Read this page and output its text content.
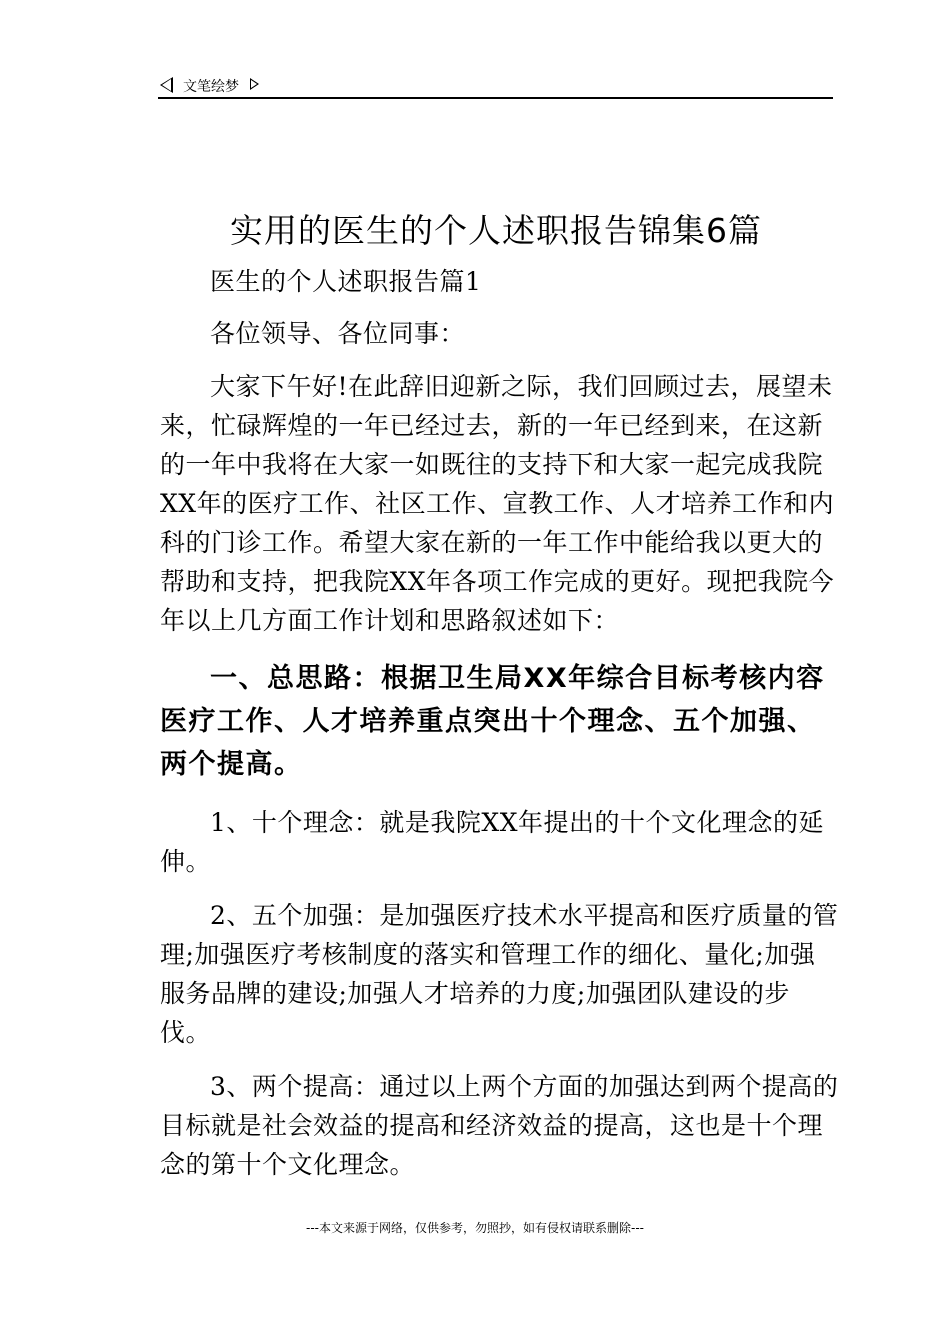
文笔绘梦
实用的医生的个人述职报告锦集6篇

医生的个人述职报告篇1

各位领导、各位同事：

大家下午好!在此辞旧迎新之际，我们回顾过去，展望未来，忙碌辉煌的一年已经过去，新的一年已经到来，在这新的一年中我将在大家一如既往的支持下和大家一起完成我院XX年的医疗工作、社区工作、宣教工作、人才培养工作和内科的门诊工作。希望大家在新的一年工作中能给我以更大的帮助和支持，把我院XX年各项工作完成的更好。现把我院今年以上几方面工作计划和思路叙述如下：

一、总思路：根据卫生局XX年综合目标考核内容医疗工作、人才培养重点突出十个理念、五个加强、两个提高。

1、十个理念：就是我院XX年提出的十个文化理念的延伸。

2、五个加强：是加强医疗技术水平提高和医疗质量的管理;加强医疗考核制度的落实和管理工作的细化、量化;加强服务品牌的建设;加强人才培养的力度;加强团队建设的步伐。

3、两个提高：通过以上两个方面的加强达到两个提高的目标就是社会效益的提高和经济效益的提高，这也是十个理念的第十个文化理念。

---本文来源于网络，仅供参考，勿照抄，如有侵权请联系删除---
